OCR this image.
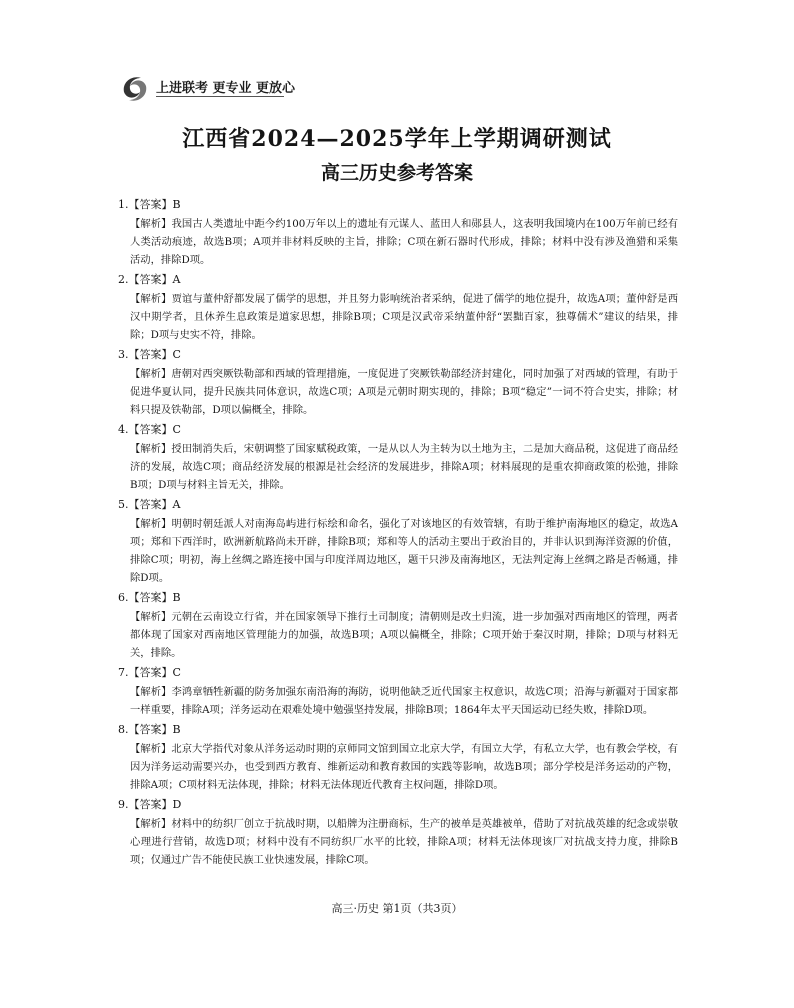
上进联考 更专业 更放心
江西省2024—2025学年上学期调研测试
高三历史参考答案
1.【答案】B

【解析】我国古人类遗址中距今约100万年以上的遗址有元谋人、蓝田人和郧县人，这表明我国境内在100万年前已经有人类活动痕迹，故选B项；A项并非材料反映的主旨，排除；C项在新石器时代形成，排除；材料中没有涉及渔猎和采集活动，排除D项。

2.【答案】A

【解析】贾谊与董仲舒都发展了儒学的思想，并且努力影响统治者采纳，促进了儒学的地位提升，故选A项；董仲舒是西汉中期学者，且休养生息政策是道家思想，排除B项；C项是汉武帝采纳董仲舒“罢黜百家，独尊儒术”建议的结果，排除；D项与史实不符，排除。

3.【答案】C

【解析】唐朝对西突厥铁勒部和西域的管理措施，一度促进了突厥铁勒部经济封建化，同时加强了对西域的管理，有助于促进华夏认同，提升民族共同体意识，故选C项；A项是元朝时期实现的，排除；B项“稳定”一词不符合史实，排除；材料只提及铁勒部，D项以偏概全，排除。

4.【答案】C

【解析】授田制消失后，宋朝调整了国家赋税政策，一是从以人为主转为以土地为主，二是加大商品税，这促进了商品经济的发展，故选C项；商品经济发展的根源是社会经济的发展进步，排除A项；材料展现的是重农抑商政策的松弛，排除B项；D项与材料主旨无关，排除。

5.【答案】A

【解析】明朝时朝廷派人对南海岛屿进行标绘和命名，强化了对该地区的有效管辖，有助于维护南海地区的稳定，故选A项；郑和下西洋时，欧洲新航路尚未开辟，排除B项；郑和等人的活动主要出于政治目的，并非认识到海洋资源的价值，排除C项；明初，海上丝绸之路连接中国与印度洋周边地区，题干只涉及南海地区，无法判定海上丝绸之路是否畅通，排除D项。

6.【答案】B

【解析】元朝在云南设立行省，并在国家领导下推行土司制度；清朝则是改土归流，进一步加强对西南地区的管理，两者都体现了国家对西南地区管理能力的加强，故选B项；A项以偏概全，排除；C项开始于秦汉时期，排除；D项与材料无关，排除。

7.【答案】C

【解析】李鸿章牺牲新疆的防务加强东南沿海的海防，说明他缺乏近代国家主权意识，故选C项；沿海与新疆对于国家都一样重要，排除A项；洋务运动在艰难处境中勉强坚持发展，排除B项；1864年太平天国运动已经失败，排除D项。

8.【答案】B

【解析】北京大学指代对象从洋务运动时期的京师同文馆到国立北京大学，有国立大学，有私立大学，也有教会学校，有因为洋务运动需要兴办，也受到西方教育、维新运动和教育救国的实践等影响，故选B项；部分学校是洋务运动的产物，排除A项；C项材料无法体现，排除；材料无法体现近代教育主权问题，排除D项。

9.【答案】D

【解析】材料中的纺织厂创立于抗战时期，以船牌为注册商标，生产的被单是英雄被单，借助了对抗战英雄的纪念或崇敬心理进行营销，故选D项；材料中没有不同纺织厂水平的比较，排除A项；材料无法体现该厂对抗战支持力度，排除B项；仅通过广告不能使民族工业快速发展，排除C项。

高三·历史 第1页（共3页）
